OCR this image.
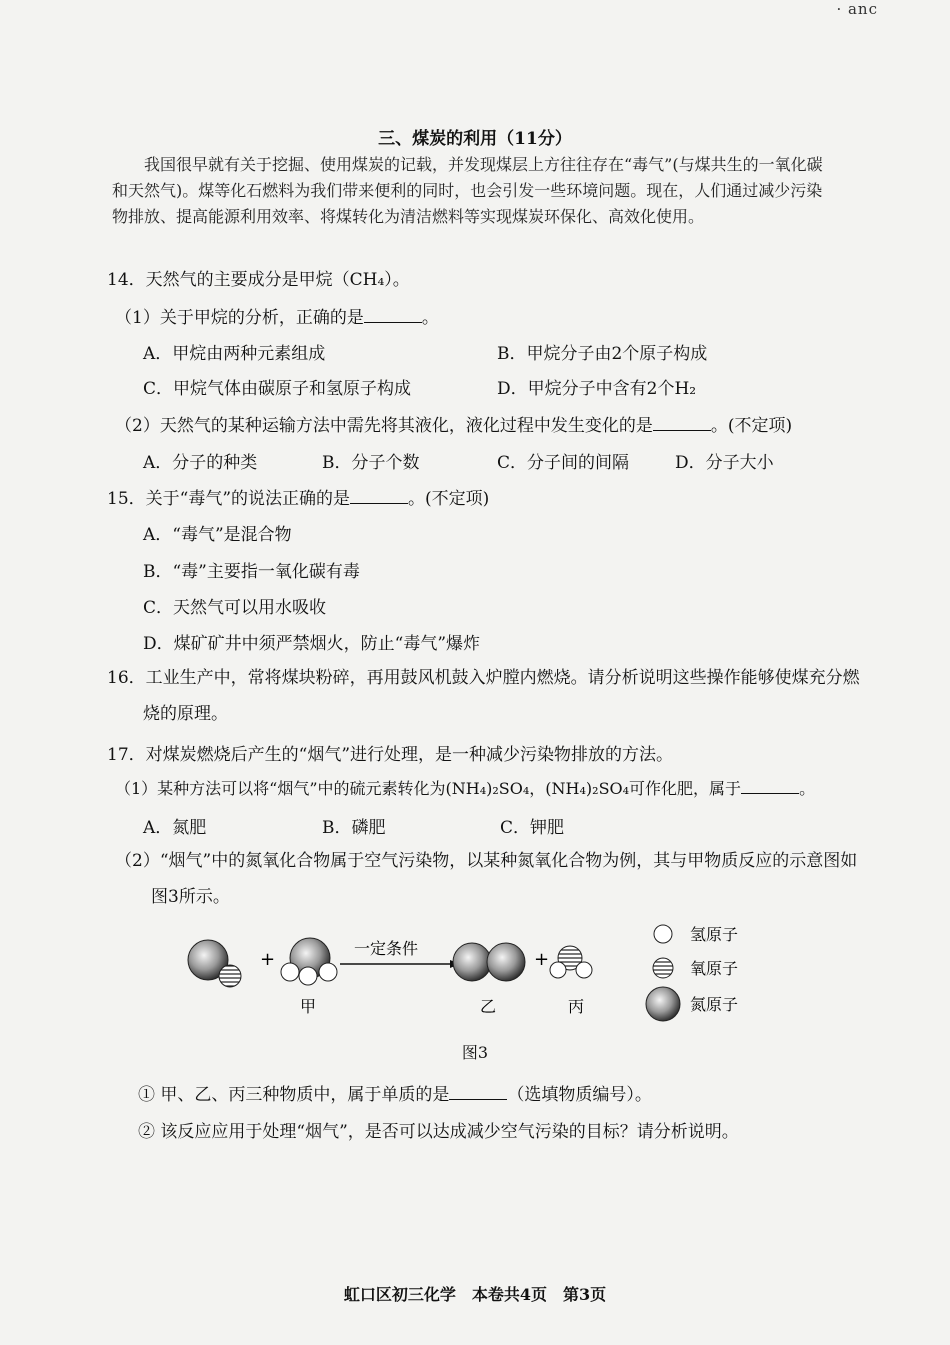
· anc
三、煤炭的利用（11分）
我国很早就有关于挖掘、使用煤炭的记载，并发现煤层上方往往存在“毒气”(与煤共生的一氧化碳和天然气)。煤等化石燃料为我们带来便利的同时，也会引发一些环境问题。现在，人们通过减少污染物排放、提高能源利用效率、将煤转化为清洁燃料等实现煤炭环保化、高效化使用。
14．天然气的主要成分是甲烷（CH₄）。
（1）关于甲烷的分析，正确的是	。
A．甲烷由两种元素组成	B．甲烷分子由2个原子构成
C．甲烷气体由碳原子和氢原子构成	D．甲烷分子中含有2个H₂
（2）天然气的某种运输方法中需先将其液化，液化过程中发生变化的是	。(不定项)
A．分子的种类	B．分子个数	C．分子间的间隔	D．分子大小
15．关于“毒气”的说法正确的是	。(不定项)
A．“毒气”是混合物
B．“毒”主要指一氧化碳有毒
C．天然气可以用水吸收
D．煤矿矿井中须严禁烟火，防止“毒气”爆炸
16．工业生产中，常将煤块粉碎，再用鼓风机鼓入炉膛内燃烧。请分析说明这些操作能够使煤充分燃烧的原理。
17．对煤炭燃烧后产生的“烟气”进行处理，是一种减少污染物排放的方法。
（1）某种方法可以将“烟气”中的硫元素转化为(NH₄)₂SO₄，(NH₄)₂SO₄可作化肥，属于	。
A．氮肥	B．磷肥	C．钾肥
（2）“烟气”中的氮氧化合物属于空气污染物，以某种氮氧化合物为例，其与甲物质反应的示意图如图3所示。
+
甲
一定条件
乙
+
丙
氢原子
氧原子
氮原子
图3
① 甲、乙、丙三种物质中，属于单质的是	（选填物质编号）。
② 该反应应用于处理“烟气”，是否可以达成减少空气污染的目标？请分析说明。
虹口区初三化学　本卷共4页　第3页
